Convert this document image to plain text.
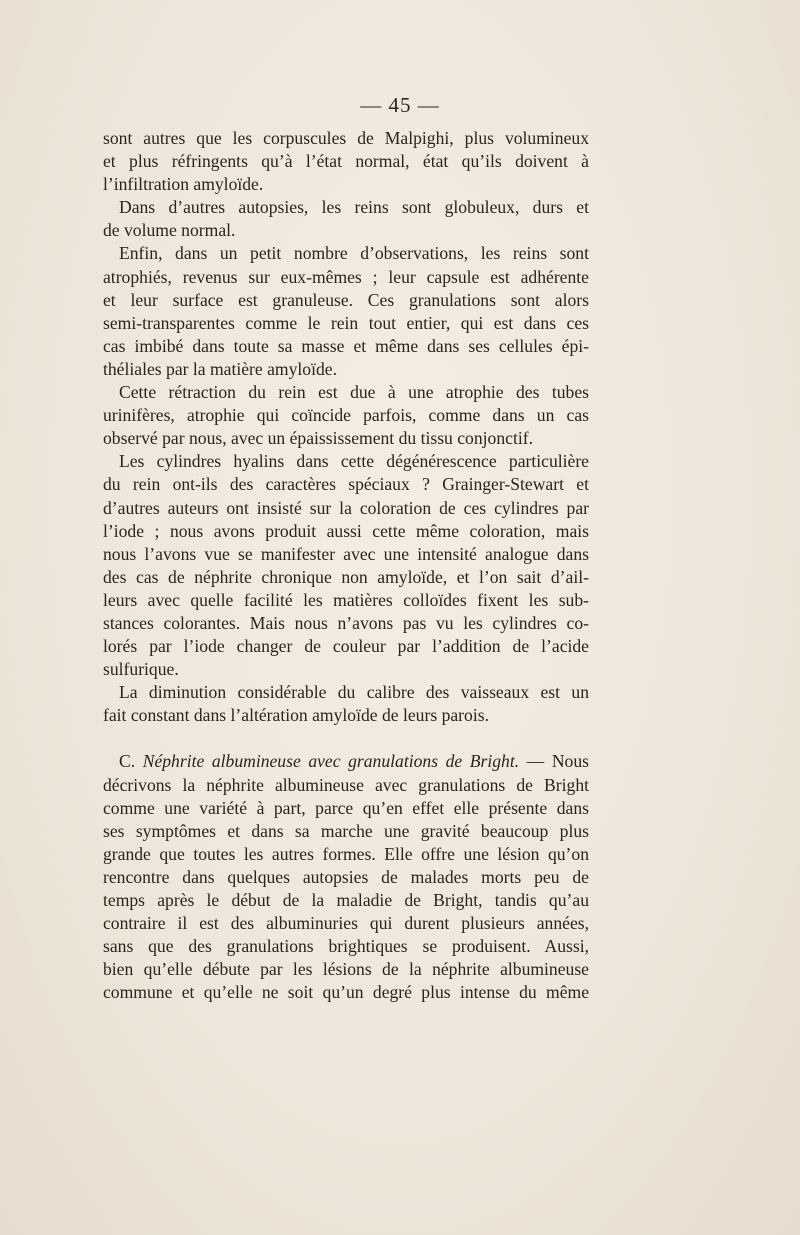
— 45 —
sont autres que les corpuscules de Malpighi, plus volumineux
et plus réfringents qu’à l’état normal, état qu’ils doivent à
l’infiltration amyloïde.
Dans d’autres autopsies, les reins sont globuleux, durs et
de volume normal.
Enfin, dans un petit nombre d’observations, les reins sont
atrophiés, revenus sur eux-mêmes ; leur capsule est adhérente
et leur surface est granuleuse. Ces granulations sont alors
semi-transparentes comme le rein tout entier, qui est dans ces
cas imbibé dans toute sa masse et même dans ses cellules épi-
théliales par la matière amyloïde.
Cette rétraction du rein est due à une atrophie des tubes
urinifères, atrophie qui coïncide parfois, comme dans un cas
observé par nous, avec un épaississement du tissu conjonctif.
Les cylindres hyalins dans cette dégénérescence particulière
du rein ont-ils des caractères spéciaux ? Grainger-Stewart et
d’autres auteurs ont insisté sur la coloration de ces cylindres par
l’iode ; nous avons produit aussi cette même coloration, mais
nous l’avons vue se manifester avec une intensité analogue dans
des cas de néphrite chronique non amyloïde, et l’on sait d’ail-
leurs avec quelle facilité les matières colloïdes fixent les sub-
stances colorantes. Mais nous n’avons pas vu les cylindres co-
lorés par l’iode changer de couleur par l’addition de l’acide
sulfurique.
La diminution considérable du calibre des vaisseaux est un
fait constant dans l’altération amyloïde de leurs parois.
C. Néphrite albumineuse avec granulations de Bright. — Nous
décrivons la néphrite albumineuse avec granulations de Bright
comme une variété à part, parce qu’en effet elle présente dans
ses symptômes et dans sa marche une gravité beaucoup plus
grande que toutes les autres formes. Elle offre une lésion qu’on
rencontre dans quelques autopsies de malades morts peu de
temps après le début de la maladie de Bright, tandis qu’au
contraire il est des albuminuries qui durent plusieurs années,
sans que des granulations brightiques se produisent. Aussi,
bien qu’elle débute par les lésions de la néphrite albumineuse
commune et qu’elle ne soit qu’un degré plus intense du même
